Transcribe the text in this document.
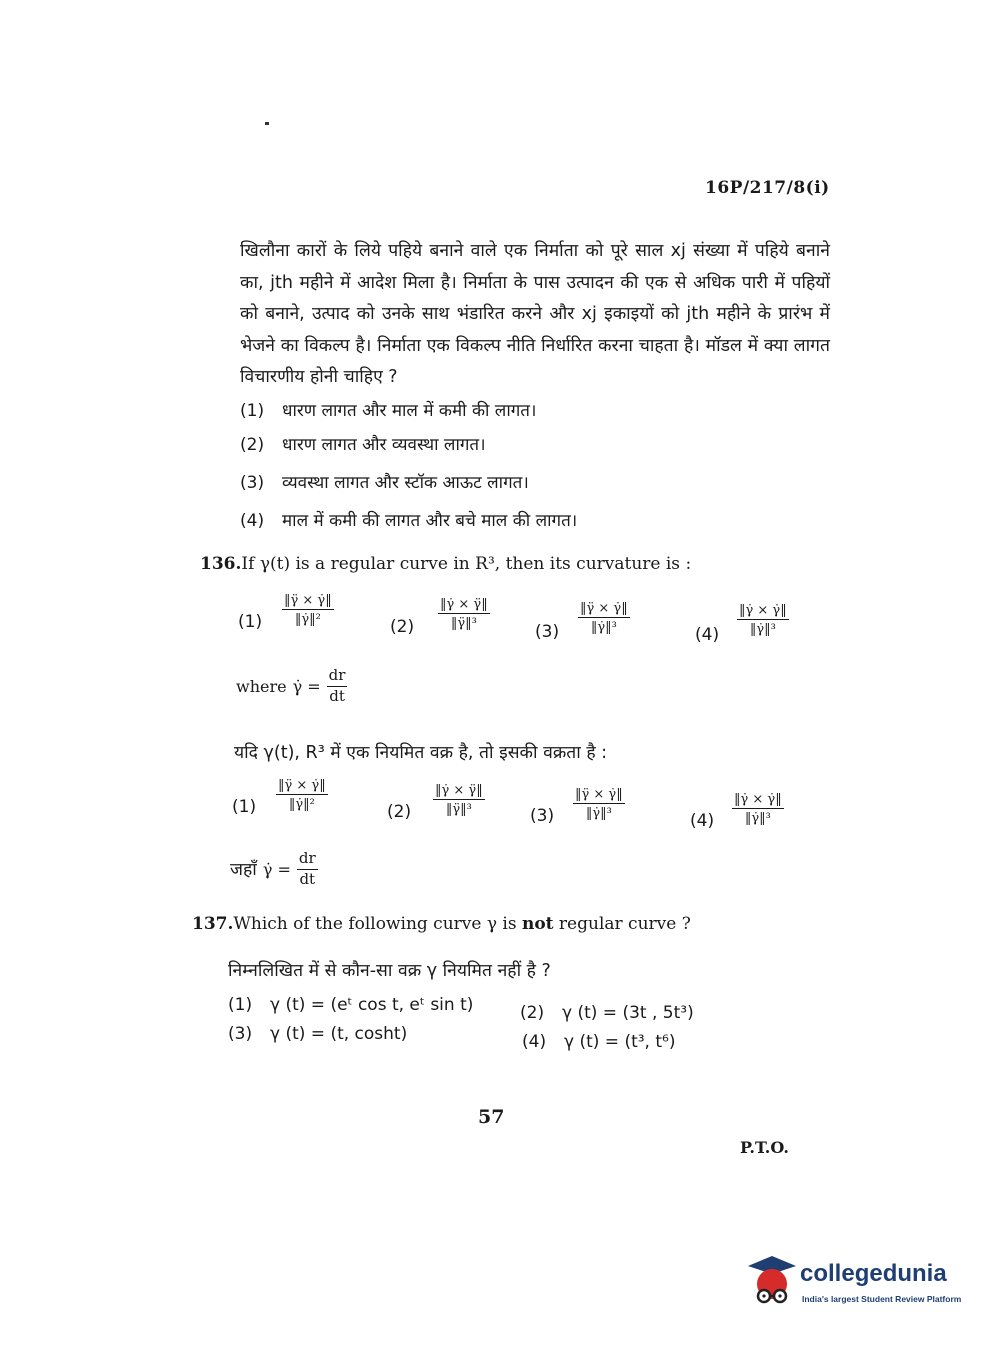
16P/217/8(i)
खिलौना कारों के लिये पहिये बनाने वाले एक निर्माता को पूरे साल xj संख्या में पहिये बनाने का, jth महीने में आदेश मिला है। निर्माता के पास उत्पादन की एक से अधिक पारी में पहियों को बनाने, उत्पाद को उनके साथ भंडारित करने और xj इकाइयों को jth महीने के प्रारंभ में भेजने का विकल्प है। निर्माता एक विकल्प नीति निर्धारित करना चाहता है। मॉडल में क्या लागत विचारणीय होनी चाहिए ?
(1) धारण लागत और माल में कमी की लागत।
(2) धारण लागत और व्यवस्था लागत।
(3) व्यवस्था लागत और स्टॉक आऊट लागत।
(4) माल में कमी की लागत और बचे माल की लागत।
136.If γ(t) is a regular curve in R³, then its curvature is :
$(1) \frac{‖\gammä \times \gammȧ‖}{\text{‖γ̇‖²}}$
$(2) \frac{‖\gammȧ \times \gammä‖}{\text{‖γ̈‖³}}$
$(3) \frac{‖\gammä \times \gammȧ‖}{\text{‖γ̇‖³}}$
$(4) \frac{‖\gammȧ \times \gammȧ‖}{\text{‖γ̇‖³}}$
where γ̇ = $\frac{dr}{dt}$
यदि γ(t), R³ में एक नियमित वक्र है, तो इसकी वक्रता है :
$(1) \frac{‖\gammä \times \gammȧ‖}{\text{‖γ̇‖²}}$
$(2) \frac{‖\gammȧ \times \gammä‖}{\text{‖γ̈‖³}}$	$(3) \frac{‖\gammä \times \gammȧ‖}{\text{‖γ̇‖³}}$
$(4) \frac{‖\gammȧ \times \gammȧ‖}{\text{‖γ̇‖³}}$
जहाँ γ̇ = $\frac{dr}{dt}$
137.Which of the following curve γ is not regular curve ?
निम्नलिखित में से कौन-सा वक्र γ नियमित नहीं है ?
(1) γ (t) = (eᵗ cos t, eᵗ sin t)	(2) γ (t) = (3t , 5t³)
(3) γ (t) = (t, cosht)	(4) γ (t) = (t³, t⁶)
57
P.T.O.
collegedunia
India's largest Student Review Platform
